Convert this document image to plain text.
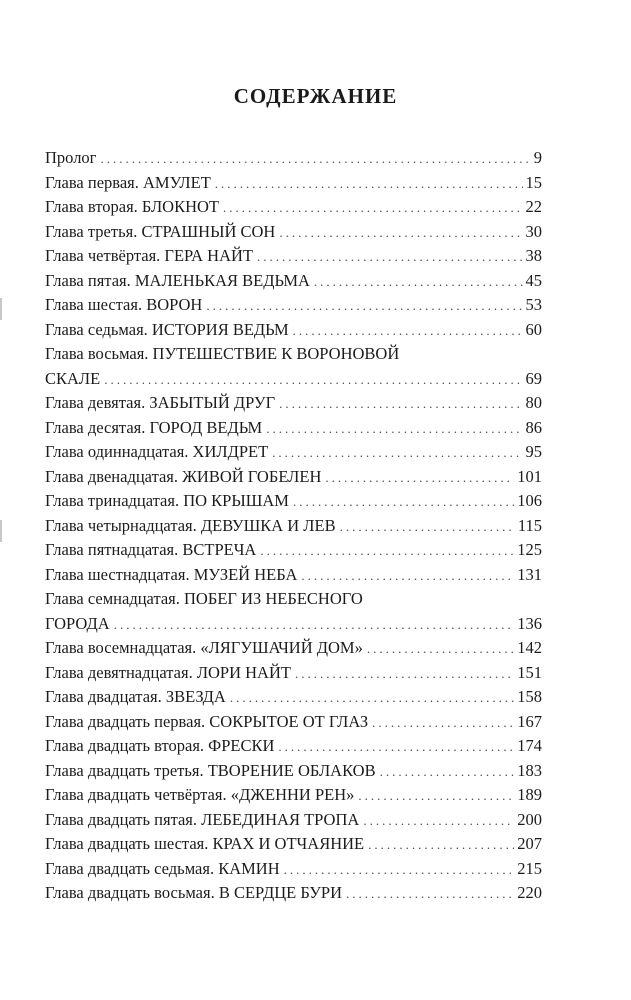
СОДЕРЖАНИЕ
Пролог .....	9
Глава первая. АМУЛЕТ .....	15
Глава вторая. БЛОКНОТ .....	22
Глава третья. СТРАШНЫЙ СОН .....	30
Глава четвёртая. ГЕРА НАЙТ .....	38
Глава пятая. МАЛЕНЬКАЯ ВЕДЬМА .....	45
Глава шестая. ВОРОН .....	53
Глава седьмая. ИСТОРИЯ ВЕДЬМ .....	60
Глава восьмая. ПУТЕШЕСТВИЕ К ВОРОНОВОЙ
СКАЛЕ .....	69
Глава девятая. ЗАБЫТЫЙ ДРУГ .....	80
Глава десятая. ГОРОД ВЕДЬМ .....	86
Глава одиннадцатая. ХИЛДРЕТ .....	95
Глава двенадцатая. ЖИВОЙ ГОБЕЛЕН .....	101
Глава тринадцатая. ПО КРЫШАМ .....	106
Глава четырнадцатая. ДЕВУШКА И ЛЕВ .....	115
Глава пятнадцатая. ВСТРЕЧА .....	125
Глава шестнадцатая. МУЗЕЙ НЕБА .....	131
Глава семнадцатая. ПОБЕГ ИЗ НЕБЕСНОГО
ГОРОДА .....	136
Глава восемнадцатая. «ЛЯГУШАЧИЙ ДОМ» .....	142
Глава девятнадцатая. ЛОРИ НАЙТ .....	151
Глава двадцатая. ЗВЕЗДА .....	158
Глава двадцать первая. СОКРЫТОЕ ОТ ГЛАЗ .....	167
Глава двадцать вторая. ФРЕСКИ .....	174
Глава двадцать третья. ТВОРЕНИЕ ОБЛАКОВ .....	183
Глава двадцать четвёртая. «ДЖЕННИ РЕН» .....	189
Глава двадцать пятая. ЛЕБЕДИНАЯ ТРОПА .....	200
Глава двадцать шестая. КРАХ И ОТЧАЯНИЕ .....	207
Глава двадцать седьмая. КАМИН .....	215
Глава двадцать восьмая. В СЕРДЦЕ БУРИ .....	220
